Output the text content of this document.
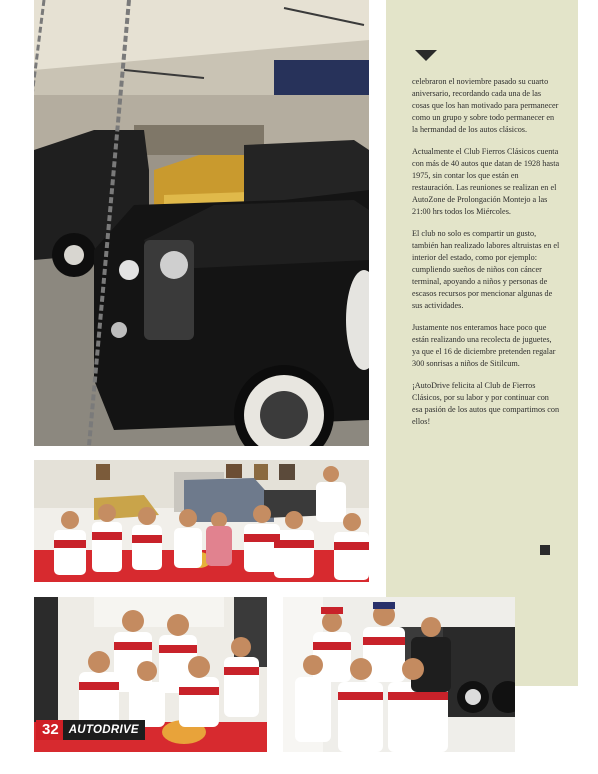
celebraron el noviembre pasado su cuarto aniversario, recordando cada una de las cosas que los han motivado para permanecer como un grupo y sobre todo permanecer en la hermandad de los autos clásicos.

Actualmente el Club Fierros Clásicos cuenta con más de 40 autos que datan de 1928 hasta 1975, sin contar los que están en restauración. Las reuniones se realizan en el AutoZone de Prolongación Montejo a las 21:00 hrs todos los Miércoles.

El club no solo es compartir un gusto, también han realizado labores altruistas en el interior del estado, como por ejemplo: cumpliendo sueños de niños con cáncer terminal, apoyando a niños y personas de escasos recursos por mencionar algunas de sus actividades.

Justamente nos enteramos hace poco que están realizando una recolecta de juguetes, ya que el 16 de diciembre pretenden regalar 300 sonrisas a niños de Sitilcum.

¡AutoDrive felicita al Club de Fierros Clásicos, por su labor y por continuar con esa pasión de los autos que compartimos con ellos!

32 AUTODRIVE
